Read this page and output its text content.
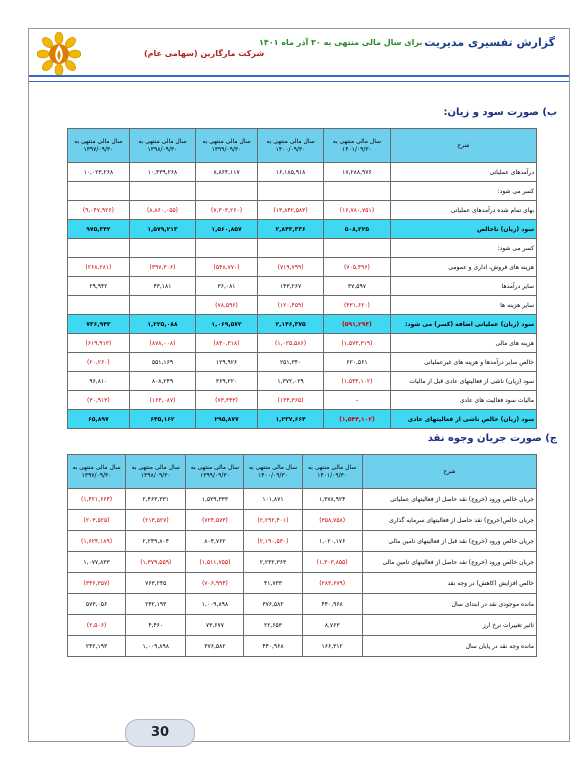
گزارش تفسیری مدیریت
برای سال مالی منتهی به ۳۰ آذر ماه ۱۴۰۱
شرکت مارگارین (سهامی عام)
ب) صورت سود و زیان:
شرح	سال مالی منتهی به ۱۴۰۱/۰۹/۳۰	سال مالی منتهی به ۱۴۰۰/۰۹/۳۰	سال مالی منتهی به ۱۳۹۹/۰۹/۳۰	سال مالی منتهی به ۱۳۹۸/۰۹/۳۰	سال مالی منتهی به ۱۳۹۷/۰۹/۳۰
درآمدهای عملیاتی	۱۷,۲۸۸,۹۷۶	۱۶,۱۸۵,۹۱۸	۸,۸۶۴,۱۱۷	۱۰,۴۳۹,۲۶۸	۱۰,۰۲۳,۲۶۸
کسر می شود:					
بهای تمام شده درآمدهای عملیاتی	(۱۶,۷۸۰,۷۵۱)	(۱۳,۸۴۲,۵۸۳)	(۷,۳۰۳,۲۶۰)	(۸,۸۶۰,۰۵۵)	(۹,۰۴۷,۹۲۶)
سود (زیان) ناخالص	۵۰۸,۲۲۵	۲,۸۴۳,۳۳۶	۱,۵۶۰,۸۵۷	۱,۵۷۹,۲۱۳	۹۷۵,۳۴۲
کسر می شود:					
هزینه های فروش، اداری و عمومی	(۷۰۵,۴۹۶)	(۷۱۹,۷۹۹)	(۵۴۸,۷۷۰)	(۳۹۷,۳۰۶)	(۲۶۸,۲۸۱)
سایر درآمدها	۳۷,۵۹۷	۱۴۳,۲۶۷	۳۶,۰۸۱	۴۳,۱۸۱	۲۹,۹۴۲
سایر هزینه ها	(۴۳۱,۶۲۰)	(۱۲۰,۴۵۹)	(۷۸,۵۹۶)		
سود (زیان) عملیاتی اضافه (کسر) می شود:	(۵۹۱,۲۹۴)	۲,۱۴۶,۳۷۵	۱,۰۶۹,۵۷۲	۱,۲۲۵,۰۸۸	۷۳۶,۹۴۳
هزینه های مالی	(۱,۵۷۳,۳۱۹)	(۱,۰۲۵,۵۸۶)	(۸۳۰,۳۱۸)	(۸۷۸,۰۰۸)	(۶۱۹,۹۱۳)
خالص سایر درآمدها و هزینه های غیرعملیاتی	۶۲۰,۵۶۱	۲۵۱,۳۴۰	۱۲۹,۹۲۶	۵۵۱,۱۶۹	(۲۰,۲۶۰)
سود (زیان) ناشی از فعالیتهای عادی قبل از مالیات	(۱,۵۴۴,۱۰۲)	۱,۳۷۲,۰۲۹	۳۶۹,۲۲۰	۸۰۸,۲۴۹	۹۶,۸۱۰
مالیات سود فعالیت های عادی	-	(۱۳۴,۳۶۵)	(۷۳,۳۴۳)	(۱۶۳,۰۸۷)	(۳۰,۹۱۳)
سود (زیان) خالص ناشی از فعالیتهای عادی	(۱,۵۴۴,۱۰۲)	۱,۲۳۷,۶۶۴	۲۹۵,۸۷۷	۶۴۵,۱۶۲	۶۵,۸۹۷
ج) صورت جریان وجوه نقد
شرح	سال مالی منتهی به ۱۴۰۱/۰۹/۳۰	سال مالی منتهی به ۱۴۰۰/۰۹/۳۰	سال مالی منتهی به ۱۳۹۹/۰۹/۳۰	سال مالی منتهی به ۱۳۹۸/۰۹/۳۰	سال مالی منتهی به ۱۳۹۷/۰۹/۳۰
جریان خالص ورود (خروج) نقد حاصل از فعالیتهای عملیاتی	۱,۳۷۸,۹۲۴	۱۰۱,۸۷۱	۱,۵۲۹,۳۳۳	۲,۴۶۳,۳۳۱	(۱,۴۲۱,۶۶۴)
جریان خالص(خروج) نقد حاصل از فعالیتهای سرمایه گذاری	(۳۵۸,۷۵۸)	(۲,۲۹۲,۴۰۱)	(۷۲۴,۵۷۳)	(۲۱۳,۵۲۷)	(۲۰۳,۵۲۵)
جریان خالص ورود (خروج) نقد قبل از فعالیتهای تامین مالی	۱,۰۲۰,۱۷۶	(۲,۱۹۰,۵۳۰)	۸۰۴,۷۶۲	۲,۲۴۹,۸۰۴	(۱,۶۲۴,۱۸۹)
جریان خالص ورود (خروج) نقد حاصل از فعالیتهای تامین مالی	(۱,۳۰۳,۸۵۵)	۲,۲۳۲,۳۶۳	(۱,۵۱۱,۷۵۵)	(۱,۳۷۹,۵۵۹)	۱,۰۷۷,۸۳۳
خالص افزایش (کاهش) در وجه نقد	(۲۸۳,۶۷۹)	۴۱,۷۳۳	(۷۰۶,۹۹۴)	۷۶۳,۲۴۵	(۳۴۶,۳۵۷)
مانده موجودی نقد در ابتدای سال	۴۴۰,۹۶۸	۳۷۶,۵۸۲	۱,۰۰۹,۸۹۸	۲۴۲,۱۹۳	۵۷۳,۰۵۶
تاثیر تغییرات نرخ ارز	۸,۷۶۳	۲۲,۶۵۳	۷۳,۶۷۷	۴,۴۶۰	(۲,۵۰۶)
مانده وجه نقد در پایان سال	۱۶۶,۳۱۲	۴۴۰,۹۶۸	۳۷۶,۵۸۲	۱,۰۰۹,۸۹۸	۲۴۲,۱۹۳
30
